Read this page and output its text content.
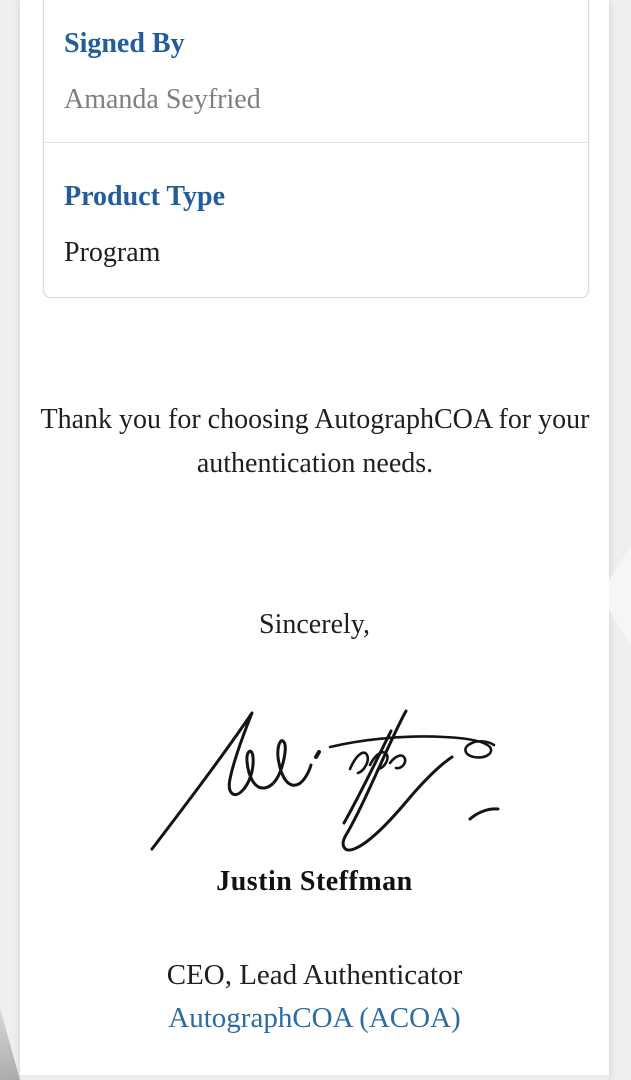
Signed By
Amanda Seyfried
Product Type
Program
Thank you for choosing AutographCOA for your authentication needs.
Sincerely,
Justin Steffman
CEO, Lead Authenticator
AutographCOA (ACOA)
